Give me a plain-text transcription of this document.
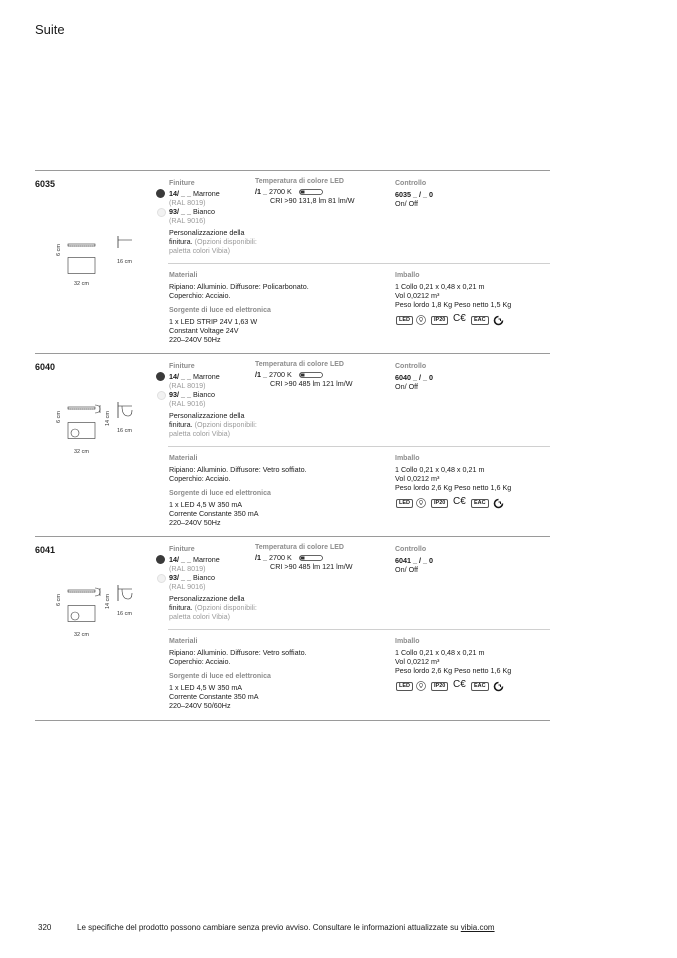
Suite
6035
32 cm
16 cm
6 cm
Finiture
14/ _ _ Marrone
(RAL 8019)
93/ _ _ Bianco
(RAL 9016)
Personalizzazione della
finitura. (Opzioni disponibili:
paletta colori Vibia)
Temperatura di colore LED
/1 _ 2700 K
CRI >90 131,8 lm 81 lm/W
Controllo
6035 _ / _ 0
On/ Off
Materiali
Ripiano: Alluminio. Diffusore: Policarbonato.
Coperchio: Acciaio.
Sorgente di luce ed elettronica
1 x LED STRIP 24V 1,63 W
Constant Voltage 24V
220–240V 50Hz
Imballo
1 Collo 0,21 x 0,48 x 0,21 m
Vol 0,0212 m³
Peso lordo 1,8 Kg Peso netto 1,5 Kg
LED	IP20 C€	EAC
6040
32 cm
16 cm
6 cm	14 cm
Finiture
14/ _ _ Marrone
(RAL 8019)
93/ _ _ Bianco
(RAL 9016)
Personalizzazione della
finitura. (Opzioni disponibili:
paletta colori Vibia)
Temperatura di colore LED
/1 _ 2700 K
CRI >90 485 lm 121 lm/W
Controllo
6040 _ / _ 0
On/ Off
Materiali
Ripiano: Alluminio. Diffusore: Vetro soffiato.
Coperchio: Acciaio.
Sorgente di luce ed elettronica
1 x LED 4,5 W 350 mA
Corrente Constante 350 mA
220–240V 50Hz
Imballo
1 Collo 0,21 x 0,48 x 0,21 m
Vol 0,0212 m³
Peso lordo 2,6 Kg Peso netto 1,6 Kg
LED	IP20 C€	EAC
6041
32 cm
16 cm
6 cm	14 cm
Finiture
14/ _ _ Marrone
(RAL 8019)
93/ _ _ Bianco
(RAL 9016)
Personalizzazione della
finitura. (Opzioni disponibili:
paletta colori Vibia)
Temperatura di colore LED
/1 _ 2700 K
CRI >90 485 lm 121 lm/W
Controllo
6041 _ / _ 0
On/ Off
Materiali
Ripiano: Alluminio. Diffusore: Vetro soffiato.
Coperchio: Acciaio.
Sorgente di luce ed elettronica
1 x LED 4,5 W 350 mA
Corrente Constante 350 mA
220–240V 50/60Hz
Imballo
1 Collo 0,21 x 0,48 x 0,21 m
Vol 0,0212 m³
Peso lordo 2,6 Kg Peso netto 1,6 Kg
LED	IP20 C€	EAC
320	Le specifiche del prodotto possono cambiare senza previo avviso. Consultare le informazioni attualizzate su vibia.com
